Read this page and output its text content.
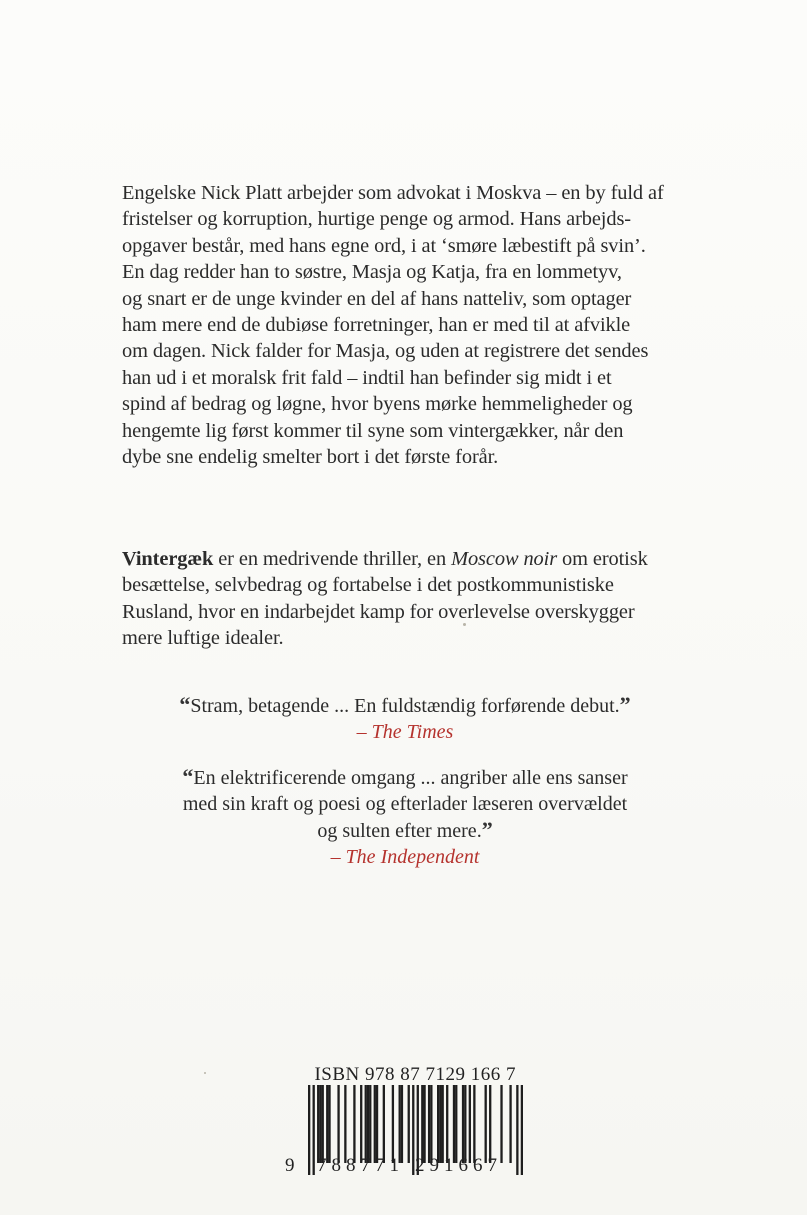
Engelske Nick Platt arbejder som advokat i Moskva – en by fuld af
fristelser og korruption, hurtige penge og armod. Hans arbejds-
opgaver består, med hans egne ord, i at ‘smøre læbestift på svin’.
En dag redder han to søstre, Masja og Katja, fra en lommetyv,
og snart er de unge kvinder en del af hans natteliv, som optager
ham mere end de dubiøse forretninger, han er med til at afvikle
om dagen. Nick falder for Masja, og uden at registrere det sendes
han ud i et moralsk frit fald – indtil han befinder sig midt i et
spind af bedrag og løgne, hvor byens mørke hemmeligheder og
hengemte lig først kommer til syne som vintergækker, når den
dybe sne endelig smelter bort i det første forår.
Vintergæk er en medrivende thriller, en Moscow noir om erotisk
besættelse, selvbedrag og fortabelse i det postkommunistiske
Rusland, hvor en indarbejdet kamp for overlevelse overskygger
mere luftige idealer.
“Stram, betagende ... En fuldstændig forførende debut.”
– The Times
“En elektrificerende omgang ... angriber alle ens sanser
med sin kraft og poesi og efterlader læseren overvældet
og sulten efter mere.”
– The Independent
ISBN 978 87 7129 166 7
9 788771 291667
